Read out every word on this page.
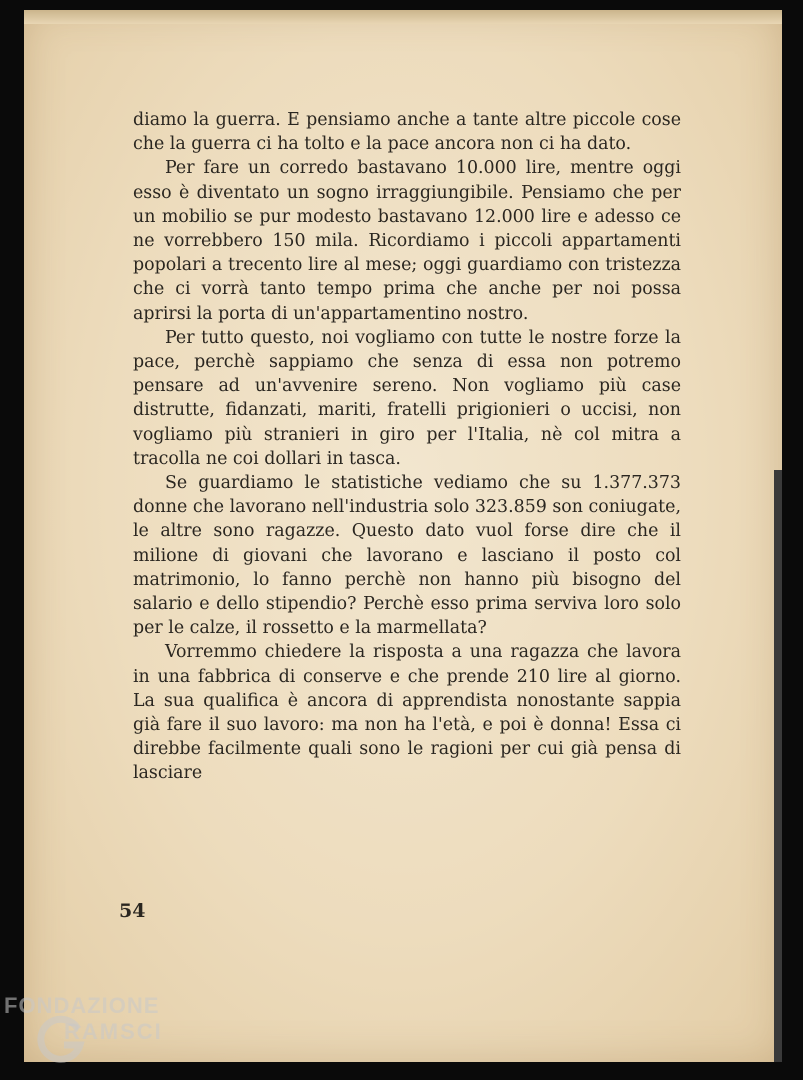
diamo la guerra. E pensiamo anche a tante altre piccole cose che la guerra ci ha tolto e la pace ancora non ci ha dato.

Per fare un corredo bastavano 10.000 lire, mentre oggi esso è diventato un sogno irraggiungibile. Pensiamo che per un mobilio se pur modesto bastavano 12.000 lire e adesso ce ne vorrebbero 150 mila. Ricordiamo i piccoli appartamenti popolari a trecento lire al mese; oggi guardiamo con tristezza che ci vorrà tanto tempo prima che anche per noi possa aprirsi la porta di un'appartamentino nostro.

Per tutto questo, noi vogliamo con tutte le nostre forze la pace, perchè sappiamo che senza di essa non potremo pensare ad un'avvenire sereno. Non vogliamo più case distrutte, fidanzati, mariti, fratelli prigionieri o uccisi, non vogliamo più stranieri in giro per l'Italia, nè col mitra a tracolla ne coi dollari in tasca.

Se guardiamo le statistiche vediamo che su 1.377.373 donne che lavorano nell'industria solo 323.859 son coniugate, le altre sono ragazze. Questo dato vuol forse dire che il milione di giovani che lavorano e lasciano il posto col matrimonio, lo fanno perchè non hanno più bisogno del salario e dello stipendio? Perchè esso prima serviva loro solo per le calze, il rossetto e la marmellata?

Vorremmo chiedere la risposta a una ragazza che lavora in una fabbrica di conserve e che prende 210 lire al giorno. La sua qualifica è ancora di apprendista nonostante sappia già fare il suo lavoro: ma non ha l'età, e poi è donna! Essa ci direbbe facilmente quali sono le ragioni per cui già pensa di lasciare

54
FONDAZIONE
RAMSCI
